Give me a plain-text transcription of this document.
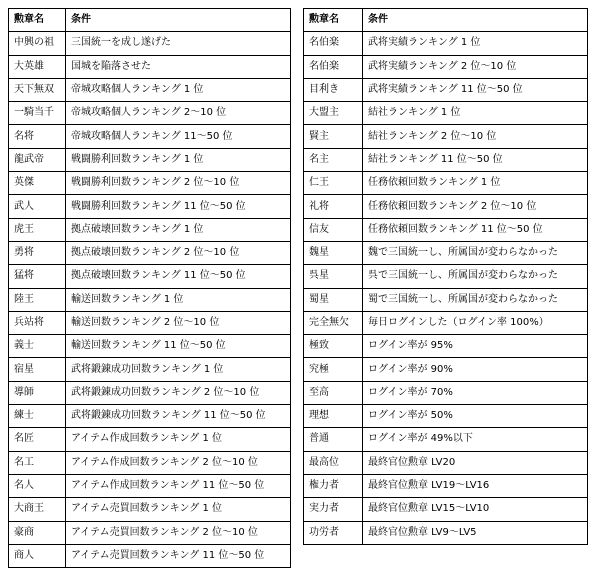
勲章名	条件
中興の祖	三国統一を成し遂げた
大英雄	国城を陥落させた
天下無双	帝城攻略個人ランキング 1 位
一騎当千	帝城攻略個人ランキング 2～10 位
名将	帝城攻略個人ランキング 11～50 位
龍武帝	戦闘勝利回数ランキング 1 位
英傑	戦闘勝利回数ランキング 2 位～10 位
武人	戦闘勝利回数ランキング 11 位～50 位
虎王	拠点破壊回数ランキング 1 位
勇将	拠点破壊回数ランキング 2 位～10 位
猛将	拠点破壊回数ランキング 11 位～50 位
陸王	輸送回数ランキング 1 位
兵站将	輸送回数ランキング 2 位～10 位
義士	輸送回数ランキング 11 位～50 位
宿星	武将鍛錬成功回数ランキング 1 位
導師	武将鍛錬成功回数ランキング 2 位～10 位
練士	武将鍛錬成功回数ランキング 11 位～50 位
名匠	アイテム作成回数ランキング 1 位
名工	アイテム作成回数ランキング 2 位～10 位
名人	アイテム作成回数ランキング 11 位～50 位
大商王	アイテム売買回数ランキング 1 位
豪商	アイテム売買回数ランキング 2 位～10 位
商人	アイテム売買回数ランキング 11 位～50 位
勲章名	条件
名伯楽	武将実績ランキング 1 位
名伯楽	武将実績ランキング 2 位～10 位
目利き	武将実績ランキング 11 位～50 位
大盟主	結社ランキング 1 位
賢主	結社ランキング 2 位～10 位
名主	結社ランキング 11 位～50 位
仁王	任務依頼回数ランキング 1 位
礼将	任務依頼回数ランキング 2 位～10 位
信友	任務依頼回数ランキング 11 位～50 位
魏星	魏で三国統一し、所属国が変わらなかった
呉星	呉で三国統一し、所属国が変わらなかった
蜀星	蜀で三国統一し、所属国が変わらなかった
完全無欠	毎日ログインした（ログイン率 100%）
極致	ログイン率が 95%
究極	ログイン率が 90%
至高	ログイン率が 70%
理想	ログイン率が 50%
普通	ログイン率が 49%以下
最高位	最終官位勲章 LV20
権力者	最終官位勲章 LV19～LV16
実力者	最終官位勲章 LV15～LV10
功労者	最終官位勲章 LV9～LV5
